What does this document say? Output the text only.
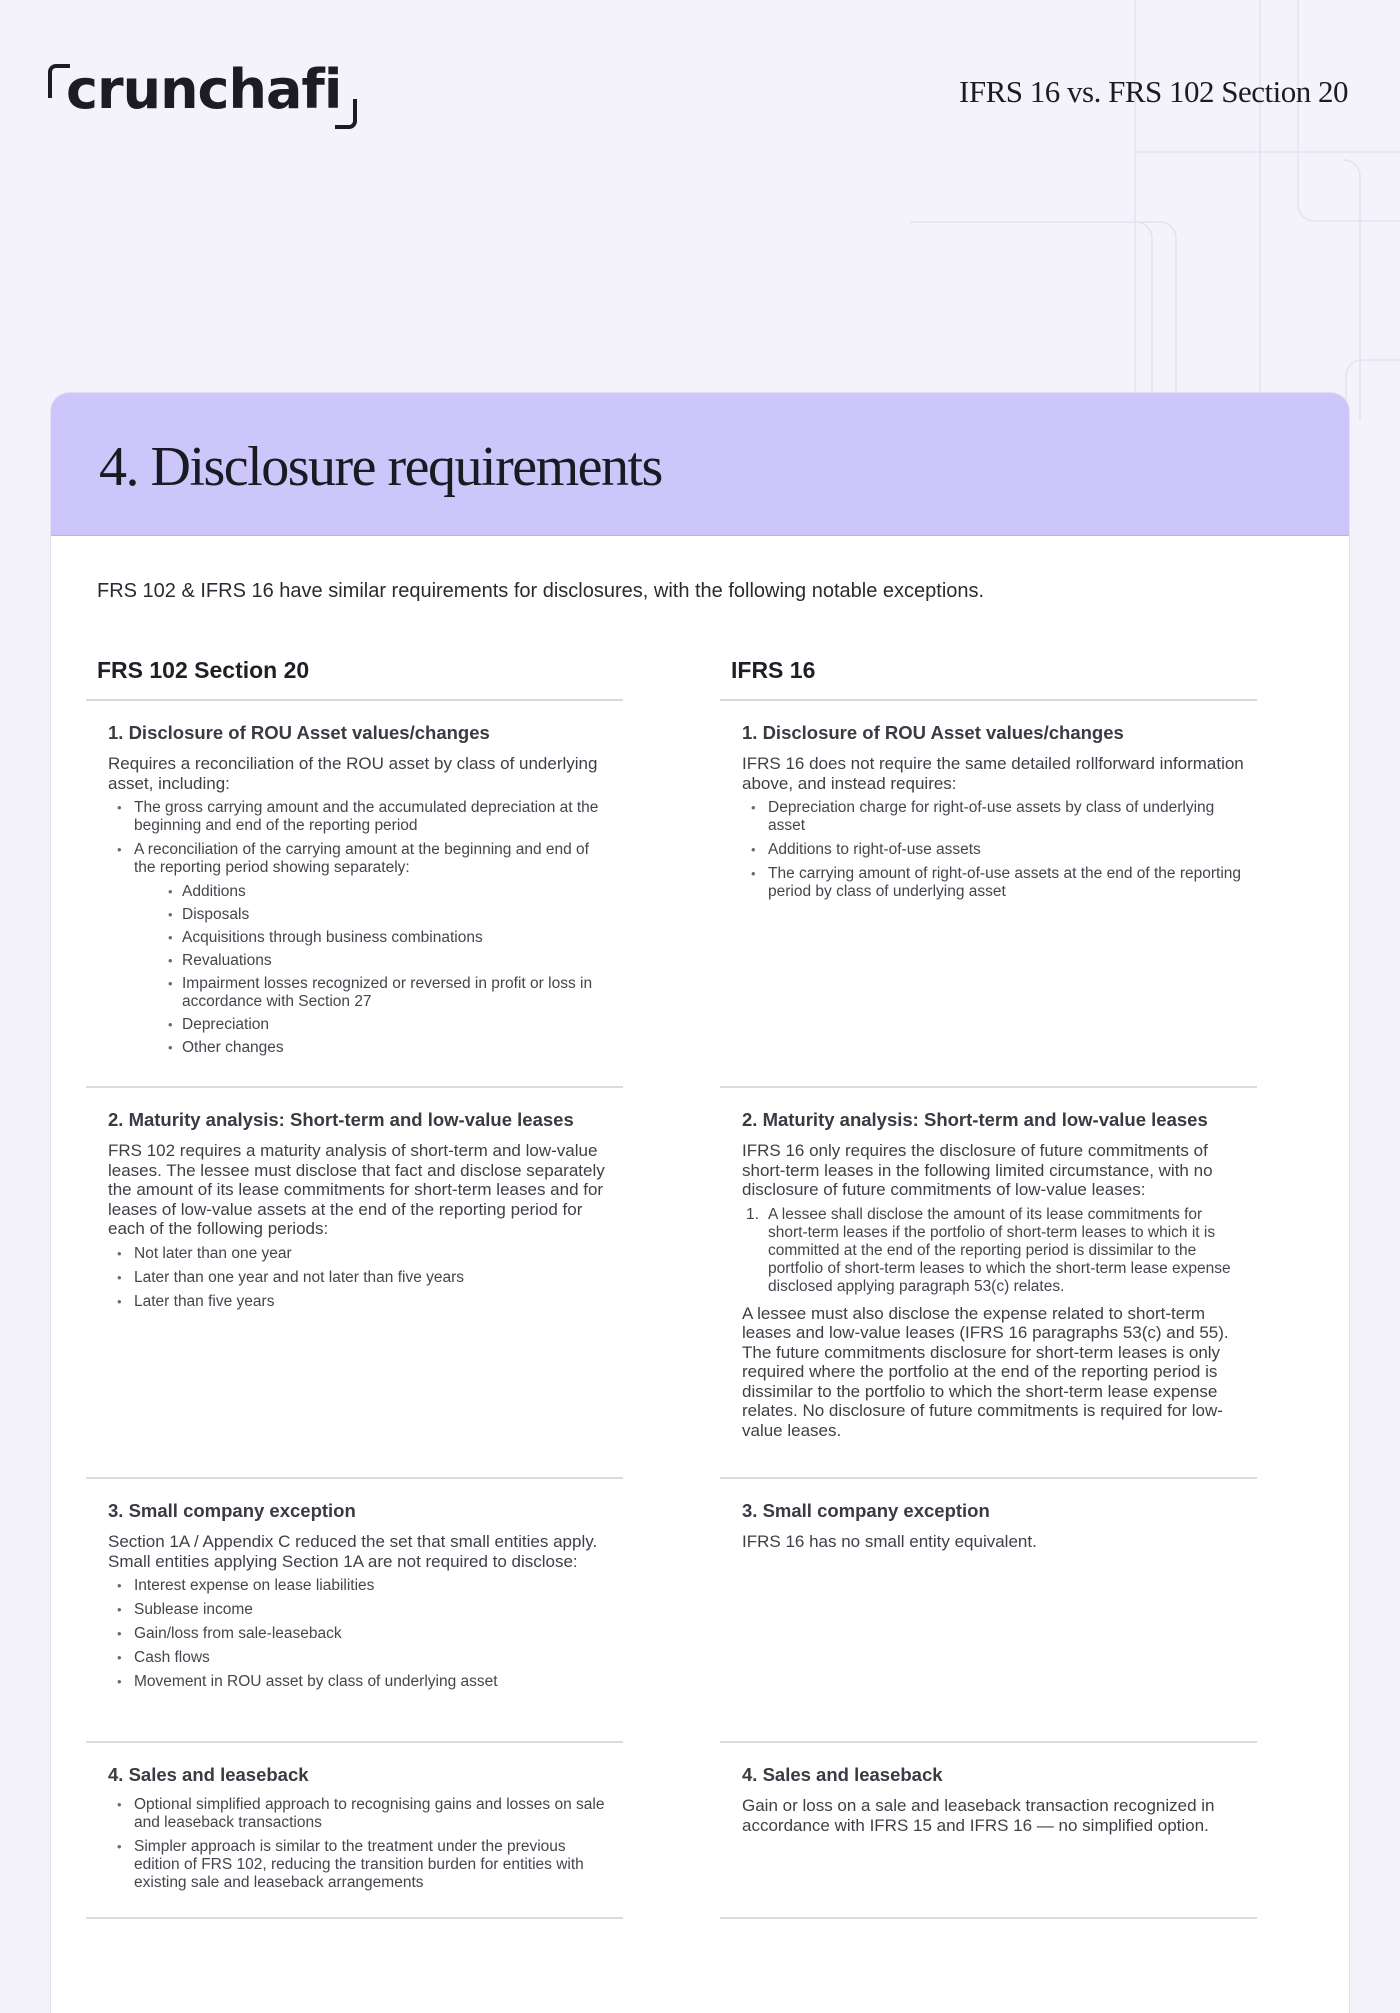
crunchafi	IFRS 16 vs. FRS 102 Section 20
4. Disclosure requirements

FRS 102 & IFRS 16 have similar requirements for disclosures, with the following notable exceptions.

FRS 102 Section 20
1. Disclosure of ROU Asset values/changes

Requires a reconciliation of the ROU asset by class of underlying asset, including:

• The gross carrying amount and the accumulated depreciation at the beginning and end of the reporting period
• A reconciliation of the carrying amount at the beginning and end of the reporting period showing separately:
• Additions
• Disposals
• Acquisitions through business combinations
• Revaluations
• Impairment losses recognized or reversed in profit or loss in accordance with Section 27
• Depreciation
• Other changes
2. Maturity analysis: Short-term and low-value leases

FRS 102 requires a maturity analysis of short-term and low-value leases. The lessee must disclose that fact and disclose separately the amount of its lease commitments for short-term leases and for leases of low-value assets at the end of the reporting period for each of the following periods:

• Not later than one year
• Later than one year and not later than five years
• Later than five years
3. Small company exception

Section 1A / Appendix C reduced the set that small entities apply. Small entities applying Section 1A are not required to disclose:

• Interest expense on lease liabilities
• Sublease income
• Gain/loss from sale-leaseback
• Cash flows
• Movement in ROU asset by class of underlying asset
4. Sales and leaseback
• Optional simplified approach to recognising gains and losses on sale and leaseback transactions
• Simpler approach is similar to the treatment under the previous edition of FRS 102, reducing the transition burden for entities with existing sale and leaseback arrangements
IFRS 16
1. Disclosure of ROU Asset values/changes

IFRS 16 does not require the same detailed rollforward information above, and instead requires:

• Depreciation charge for right-of-use assets by class of underlying asset
• Additions to right-of-use assets
• The carrying amount of right-of-use assets at the end of the reporting period by class of underlying asset
2. Maturity analysis: Short-term and low-value leases

IFRS 16 only requires the disclosure of future commitments of short-term leases in the following limited circumstance, with no disclosure of future commitments of low-value leases:

A lessee shall disclose the amount of its lease commitments for short-term leases if the portfolio of short-term leases to which it is committed at the end of the reporting period is dissimilar to the portfolio of short-term leases to which the short-term lease expense disclosed applying paragraph 53(c) relates.

A lessee must also disclose the expense related to short-term leases and low-value leases (IFRS 16 paragraphs 53(c) and 55). The future commitments disclosure for short-term leases is only required where the portfolio at the end of the reporting period is dissimilar to the portfolio to which the short-term lease expense relates. No disclosure of future commitments is required for low-value leases.

3. Small company exception

IFRS 16 has no small entity equivalent.

4. Sales and leaseback

Gain or loss on a sale and leaseback transaction recognized in accordance with IFRS 15 and IFRS 16 — no simplified option.
